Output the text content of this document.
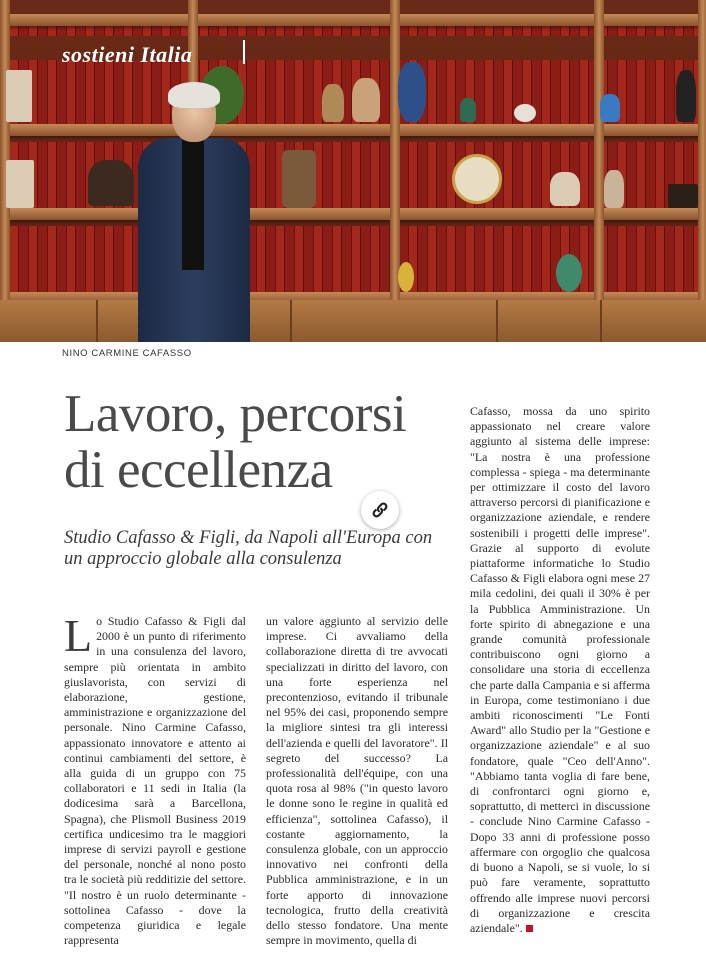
sostieni Italia
NINO CARMINE CAFASSO
Lavoro, percorsi di eccellenza
Studio Cafasso & Figli, da Napoli all'Europa con un approccio globale alla consulenza
Lo Studio Cafasso & Figli dal 2000 è un punto di riferimento in una consulenza del lavoro, sempre più orientata in ambito giuslavorista, con servizi di elaborazione, gestione, amministrazione e organizzazione del personale. Nino Carmine Cafasso, appassionato innovatore e attento ai continui cambiamenti del settore, è alla guida di un gruppo con 75 collaboratori e 11 sedi in Italia (la dodicesima sarà a Barcellona, Spagna), che Plismoll Business 2019 certifica undicesimo tra le maggiori imprese di servizi payroll e gestione del personale, nonché al nono posto tra le società più redditizie del settore. "Il nostro è un ruolo determinante - sottolinea Cafasso - dove la competenza giuridica e legale rappresenta
un valore aggiunto al servizio delle imprese. Ci avvaliamo della collaborazione diretta di tre avvocati specializzati in diritto del lavoro, con una forte esperienza nel precontenzioso, evitando il tribunale nel 95% dei casi, proponendo sempre la migliore sintesi tra gli interessi dell'azienda e quelli del lavoratore". Il segreto del successo? La professionalità dell'équipe, con una quota rosa al 98% ("in questo lavoro le donne sono le regine in qualità ed efficienza", sottolinea Cafasso), il costante aggiornamento, la consulenza globale, con un approccio innovativo nei confronti della Pubblica amministrazione, e in un forte apporto di innovazione tecnologica, frutto della creatività dello stesso fondatore. Una mente sempre in movimento, quella di
Cafasso, mossa da uno spirito appassionato nel creare valore aggiunto al sistema delle imprese: "La nostra è una professione complessa - spiega - ma determinante per ottimizzare il costo del lavoro attraverso percorsi di pianificazione e organizzazione aziendale, e rendere sostenibili i progetti delle imprese". Grazie al supporto di evolute piattaforme informatiche lo Studio Cafasso & Figli elabora ogni mese 27 mila cedolini, dei quali il 30% è per la Pubblica Amministrazione. Un forte spirito di abnegazione e una grande comunità professionale contribuiscono ogni giorno a consolidare una storia di eccellenza che parte dalla Campania e si afferma in Europa, come testimoniano i due ambiti riconoscimenti "Le Fonti Award" allo Studio per la "Gestione e organizzazione aziendale" e al suo fondatore, quale "Ceo dell'Anno". "Abbiamo tanta voglia di fare bene, di confrontarci ogni giorno e, soprattutto, di metterci in discussione - conclude Nino Carmine Cafasso - Dopo 33 anni di professione posso affermare con orgoglio che qualcosa di buono a Napoli, se si vuole, lo si può fare veramente, soprattutto offrendo alle imprese nuovi percorsi di organizzazione e crescita aziendale".
